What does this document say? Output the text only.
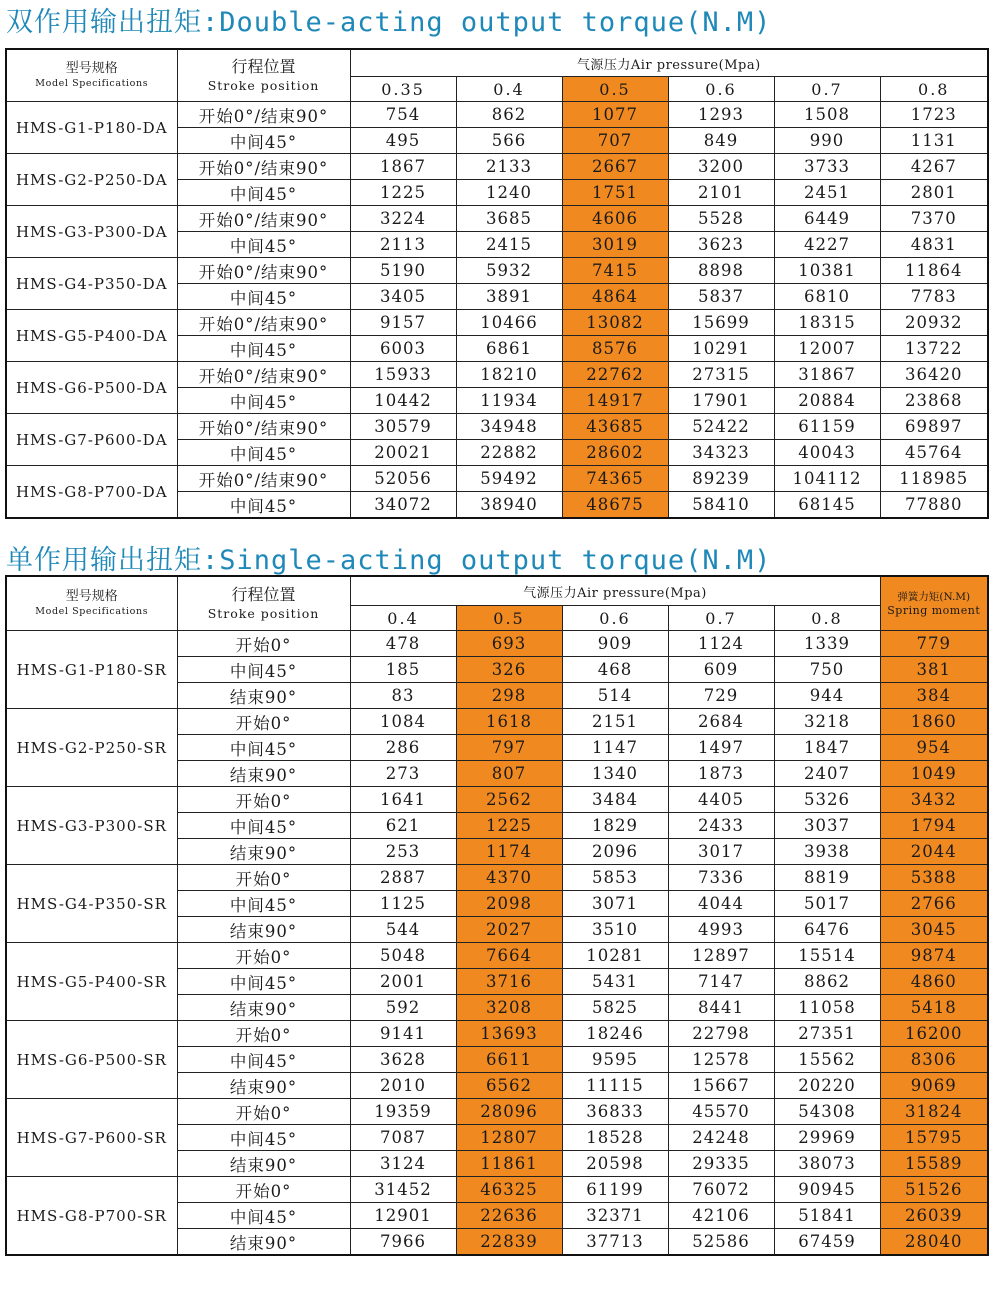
双作用输出扭矩:Double-acting output torque(N.M)
型号规格
Model Specifications	行程位置
Stroke position	气源压力Air pressure(Mpa)					
		0.35	0.4	0.5	0.6	0.7	0.8
HMS-G1-P180-DA	开始0°/结束90°	754	862	1077	1293	1508	1723
	中间45°	495	566	707	849	990	1131
HMS-G2-P250-DA	开始0°/结束90°	1867	2133	2667	3200	3733	4267
	中间45°	1225	1240	1751	2101	2451	2801
HMS-G3-P300-DA	开始0°/结束90°	3224	3685	4606	5528	6449	7370
	中间45°	2113	2415	3019	3623	4227	4831
HMS-G4-P350-DA	开始0°/结束90°	5190	5932	7415	8898	10381	11864
	中间45°	3405	3891	4864	5837	6810	7783
HMS-G5-P400-DA	开始0°/结束90°	9157	10466	13082	15699	18315	20932
	中间45°	6003	6861	8576	10291	12007	13722
HMS-G6-P500-DA	开始0°/结束90°	15933	18210	22762	27315	31867	36420
	中间45°	10442	11934	14917	17901	20884	23868
HMS-G7-P600-DA	开始0°/结束90°	30579	34948	43685	52422	61159	69897
	中间45°	20021	22882	28602	34323	40043	45764
HMS-G8-P700-DA	开始0°/结束90°	52056	59492	74365	89239	104112	118985
	中间45°	34072	38940	48675	58410	68145	77880
单作用输出扭矩:Single-acting output torque(N.M)
型号规格
Model Specifications	行程位置
Stroke position	气源压力Air pressure(Mpa)					弹簧力矩(N.M)
Spring moment

		0.4	0.5	0.6	0.7	0.8	
HMS-G1-P180-SR	开始0°	478	693	909	1124	1339	779
	中间45°	185	326	468	609	750	381
	结束90°	83	298	514	729	944	384
HMS-G2-P250-SR	开始0°	1084	1618	2151	2684	3218	1860
	中间45°	286	797	1147	1497	1847	954
	结束90°	273	807	1340	1873	2407	1049
HMS-G3-P300-SR	开始0°	1641	2562	3484	4405	5326	3432
	中间45°	621	1225	1829	2433	3037	1794
	结束90°	253	1174	2096	3017	3938	2044
HMS-G4-P350-SR	开始0°	2887	4370	5853	7336	8819	5388
	中间45°	1125	2098	3071	4044	5017	2766
	结束90°	544	2027	3510	4993	6476	3045
HMS-G5-P400-SR	开始0°	5048	7664	10281	12897	15514	9874
	中间45°	2001	3716	5431	7147	8862	4860
	结束90°	592	3208	5825	8441	11058	5418
HMS-G6-P500-SR	开始0°	9141	13693	18246	22798	27351	16200
	中间45°	3628	6611	9595	12578	15562	8306
	结束90°	2010	6562	11115	15667	20220	9069
HMS-G7-P600-SR	开始0°	19359	28096	36833	45570	54308	31824
	中间45°	7087	12807	18528	24248	29969	15795
	结束90°	3124	11861	20598	29335	38073	15589
HMS-G8-P700-SR	开始0°	31452	46325	61199	76072	90945	51526
	中间45°	12901	22636	32371	42106	51841	26039
	结束90°	7966	22839	37713	52586	67459	28040
